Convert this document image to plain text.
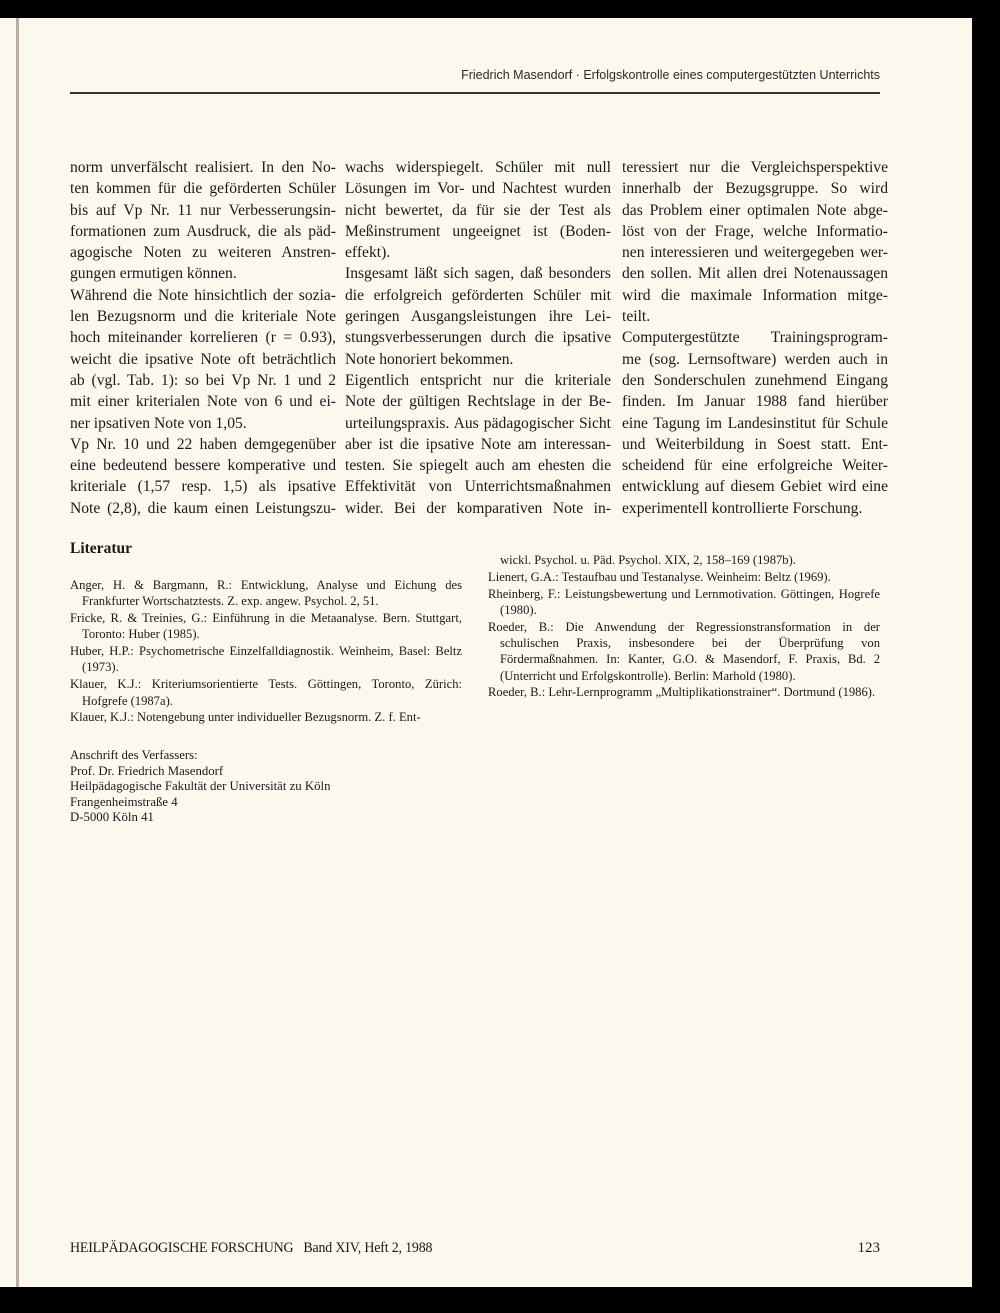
Friedrich Masendorf · Erfolgskontrolle eines computergestützten Unterrichts
norm unverfälscht realisiert. In den No-
ten kommen für die geförderten Schüler
bis auf Vp Nr. 11 nur Verbesserungsin-
formationen zum Ausdruck, die als päd-
agogische Noten zu weiteren Anstren-
gungen ermutigen können.
Während die Note hinsichtlich der sozia-
len Bezugsnorm und die kriteriale Note
hoch miteinander korrelieren (r = 0.93),
weicht die ipsative Note oft beträchtlich
ab (vgl. Tab. 1): so bei Vp Nr. 1 und 2
mit einer kriterialen Note von 6 und ei-
ner ipsativen Note von 1,05.
Vp Nr. 10 und 22 haben demgegenüber
eine bedeutend bessere komperative und
kriteriale (1,57 resp. 1,5) als ipsative
Note (2,8), die kaum einen Leistungszu-
wachs widerspiegelt. Schüler mit null
Lösungen im Vor- und Nachtest wurden
nicht bewertet, da für sie der Test als
Meßinstrument ungeeignet ist (Boden-
effekt).
Insgesamt läßt sich sagen, daß besonders
die erfolgreich geförderten Schüler mit
geringen Ausgangsleistungen ihre Lei-
stungsverbesserungen durch die ipsative
Note honoriert bekommen.
Eigentlich entspricht nur die kriteriale
Note der gültigen Rechtslage in der Be-
urteilungspraxis. Aus pädagogischer Sicht
aber ist die ipsative Note am interessan-
testen. Sie spiegelt auch am ehesten die
Effektivität von Unterrichtsmaßnahmen
wider. Bei der komparativen Note in-
teressiert nur die Vergleichsperspektive
innerhalb der Bezugsgruppe. So wird
das Problem einer optimalen Note abge-
löst von der Frage, welche Informatio-
nen interessieren und weitergegeben wer-
den sollen. Mit allen drei Notenaussagen
wird die maximale Information mitge-
teilt.
Computergestützte Trainingsprogram-
me (sog. Lernsoftware) werden auch in
den Sonderschulen zunehmend Eingang
finden. Im Januar 1988 fand hierüber
eine Tagung im Landesinstitut für Schule
und Weiterbildung in Soest statt. Ent-
scheidend für eine erfolgreiche Weiter-
entwicklung auf diesem Gebiet wird eine
experimentell kontrollierte Forschung.
Literatur
Anger, H. & Bargmann, R.: Entwicklung, Analyse und Eichung des Frankfurter Wortschatztests. Z. exp. angew. Psychol. 2, 51.
Fricke, R. & Treinies, G.: Einführung in die Metaanalyse. Bern. Stuttgart, Toronto: Huber (1985).
Huber, H.P.: Psychometrische Einzelfalldiagnostik. Weinheim, Basel: Beltz (1973).
Klauer, K.J.: Kriteriumsorientierte Tests. Göttingen, Toronto, Zürich: Hofgrefe (1987a).
Klauer, K.J.: Notengebung unter individueller Bezugsnorm. Z. f. Ent-
wickl. Psychol. u. Päd. Psychol. XIX, 2, 158–169 (1987b).
Lienert, G.A.: Testaufbau und Testanalyse. Weinheim: Beltz (1969).
Rheinberg, F.: Leistungsbewertung und Lernmotivation. Göttingen, Hogrefe (1980).
Roeder, B.: Die Anwendung der Regressionstransformation in der schulischen Praxis, insbesondere bei der Überprüfung von Fördermaßnahmen. In: Kanter, G.O. & Masendorf, F. Praxis, Bd. 2 (Unterricht und Erfolgskontrolle). Berlin: Marhold (1980).
Roeder, B.: Lehr-Lernprogramm „Multiplikationstrainer“. Dortmund (1986).
Anschrift des Verfassers:
Prof. Dr. Friedrich Masendorf
Heilpädagogische Fakultät der Universität zu Köln
Frangenheimstraße 4
D-5000 Köln 41
HEILPÄDAGOGISCHE FORSCHUNG Band XIV, Heft 2, 1988	123
